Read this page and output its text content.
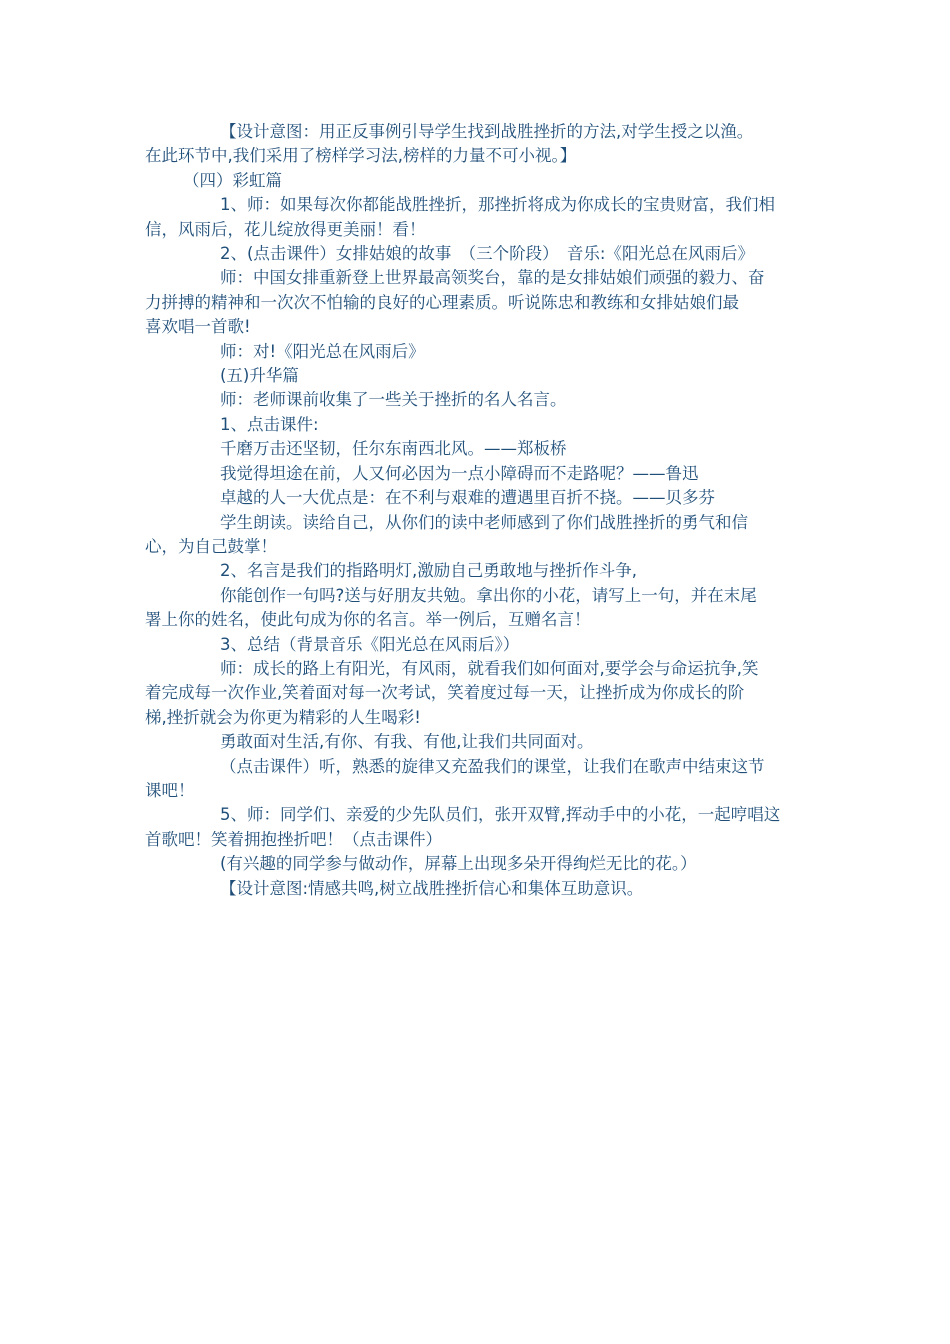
【设计意图：用正反事例引导学生找到战胜挫折的方法,对学生授之以渔。
在此环节中,我们采用了榜样学习法,榜样的力量不可小视。】
（四）彩虹篇
1、师：如果每次你都能战胜挫折，那挫折将成为你成长的宝贵财富，我们相
信，风雨后，花儿绽放得更美丽！看！
2、(点击课件）女排姑娘的故事　（三个阶段）　音乐:《阳光总在风雨后》
师：中国女排重新登上世界最高领奖台，靠的是女排姑娘们顽强的毅力、奋
力拼搏的精神和一次次不怕输的良好的心理素质。听说陈忠和教练和女排姑娘们最
喜欢唱一首歌!
师：对!《阳光总在风雨后》
(五)升华篇
师：老师课前收集了一些关于挫折的名人名言。
1、点击课件:
千磨万击还坚韧，任尔东南西北风。——郑板桥
我觉得坦途在前，人又何必因为一点小障碍而不走路呢？——鲁迅
卓越的人一大优点是：在不利与艰难的遭遇里百折不挠。——贝多芬
学生朗读。读给自己，从你们的读中老师感到了你们战胜挫折的勇气和信
心，为自己鼓掌！
2、名言是我们的指路明灯,激励自己勇敢地与挫折作斗争,
你能创作一句吗?送与好朋友共勉。拿出你的小花，请写上一句，并在末尾
署上你的姓名，使此句成为你的名言。举一例后，互赠名言！
3、总结（背景音乐《阳光总在风雨后》）
师：成长的路上有阳光，有风雨，就看我们如何面对,要学会与命运抗争,笑
着完成每一次作业,笑着面对每一次考试，笑着度过每一天，让挫折成为你成长的阶
梯,挫折就会为你更为精彩的人生喝彩!
勇敢面对生活,有你、有我、有他,让我们共同面对。
（点击课件）听，熟悉的旋律又充盈我们的课堂，让我们在歌声中结束这节
课吧！
5、师：同学们、亲爱的少先队员们，张开双臂,挥动手中的小花，一起哼唱这
首歌吧！笑着拥抱挫折吧！（点击课件）
(有兴趣的同学参与做动作，屏幕上出现多朵开得绚烂无比的花。）
【设计意图:情感共鸣,树立战胜挫折信心和集体互助意识。
